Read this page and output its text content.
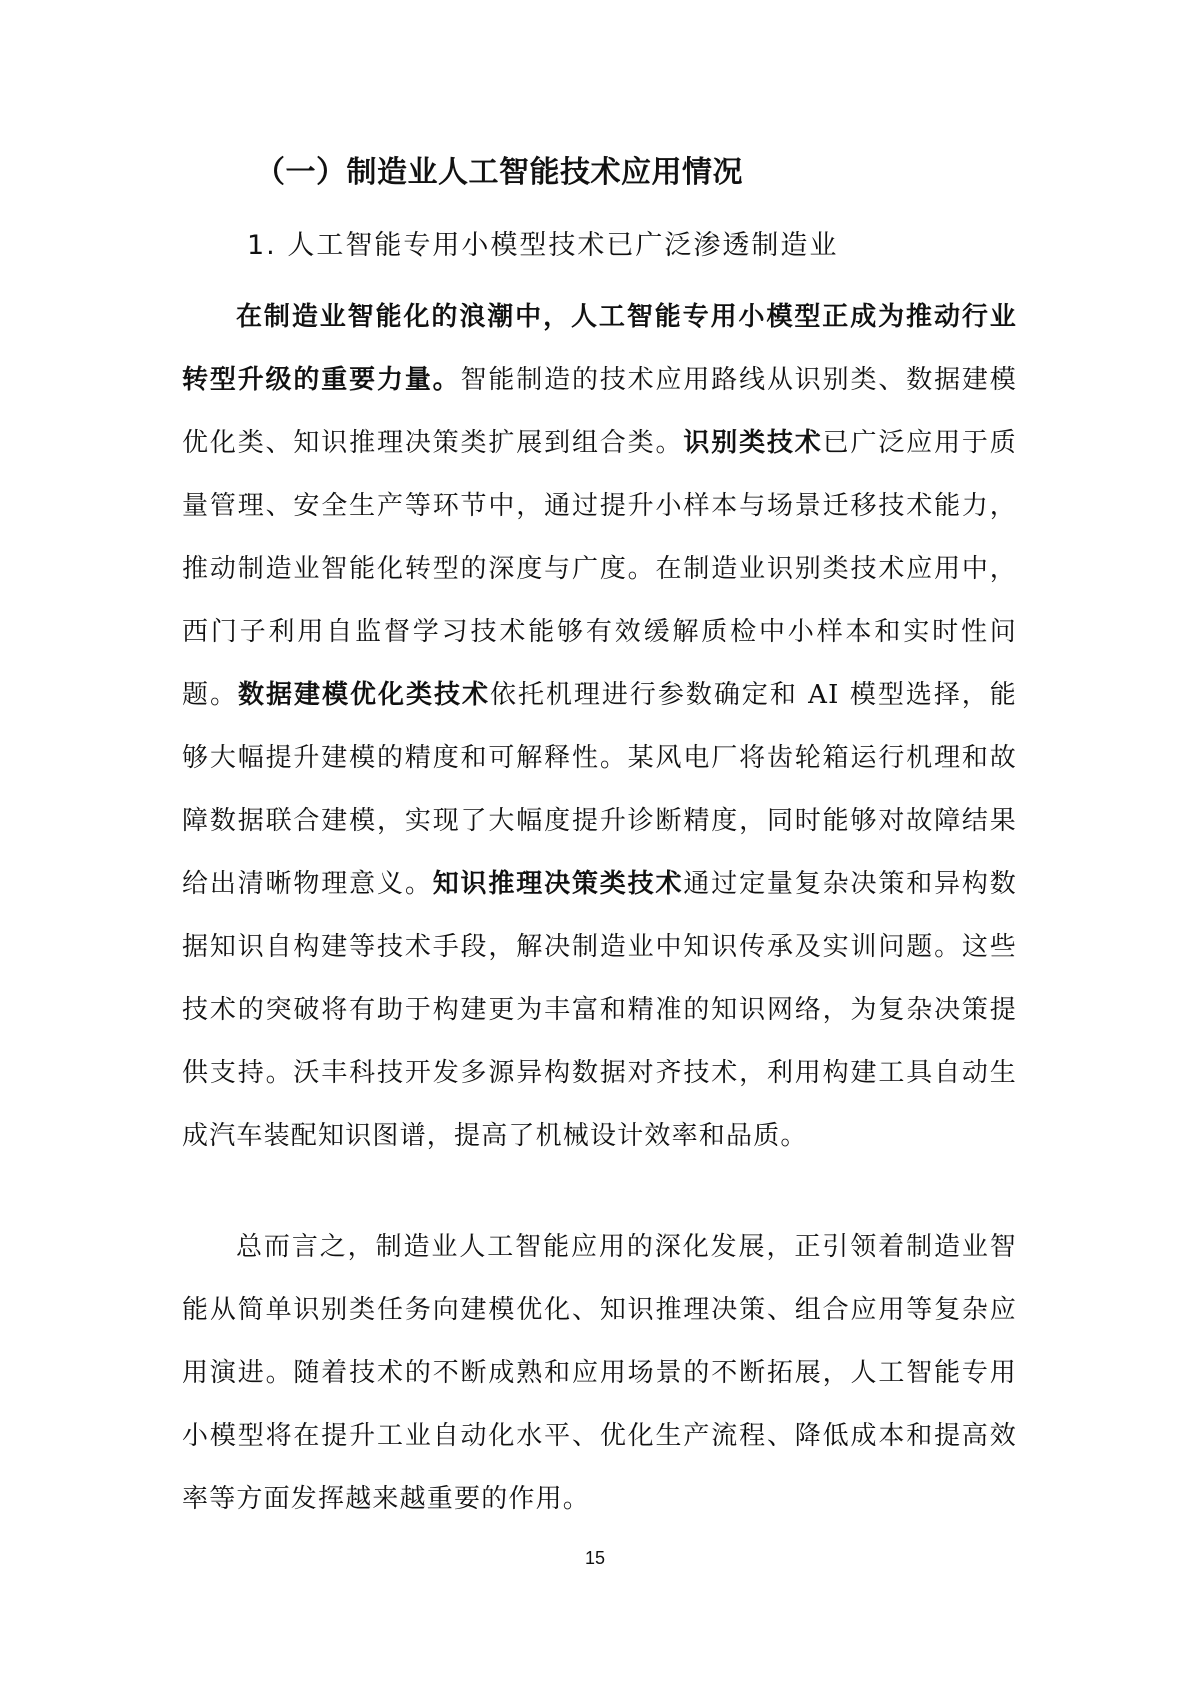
（一）制造业人工智能技术应用情况
1. 人工智能专用小模型技术已广泛渗透制造业

在制造业智能化的浪潮中，人工智能专用小模型正成为推动行业转型升级的重要力量。智能制造的技术应用路线从识别类、数据建模优化类、知识推理决策类扩展到组合类。识别类技术已广泛应用于质量管理、安全生产等环节中，通过提升小样本与场景迁移技术能力，推动制造业智能化转型的深度与广度。在制造业识别类技术应用中，西门子利用自监督学习技术能够有效缓解质检中小样本和实时性问题。数据建模优化类技术依托机理进行参数确定和 AI 模型选择，能够大幅提升建模的精度和可解释性。某风电厂将齿轮箱运行机理和故障数据联合建模，实现了大幅度提升诊断精度，同时能够对故障结果给出清晰物理意义。知识推理决策类技术通过定量复杂决策和异构数据知识自构建等技术手段，解决制造业中知识传承及实训问题。这些技术的突破将有助于构建更为丰富和精准的知识网络，为复杂决策提供支持。沃丰科技开发多源异构数据对齐技术，利用构建工具自动生成汽车装配知识图谱，提高了机械设计效率和品质。

总而言之，制造业人工智能应用的深化发展，正引领着制造业智能从简单识别类任务向建模优化、知识推理决策、组合应用等复杂应用演进。随着技术的不断成熟和应用场景的不断拓展，人工智能专用小模型将在提升工业自动化水平、优化生产流程、降低成本和提高效率等方面发挥越来越重要的作用。

15
